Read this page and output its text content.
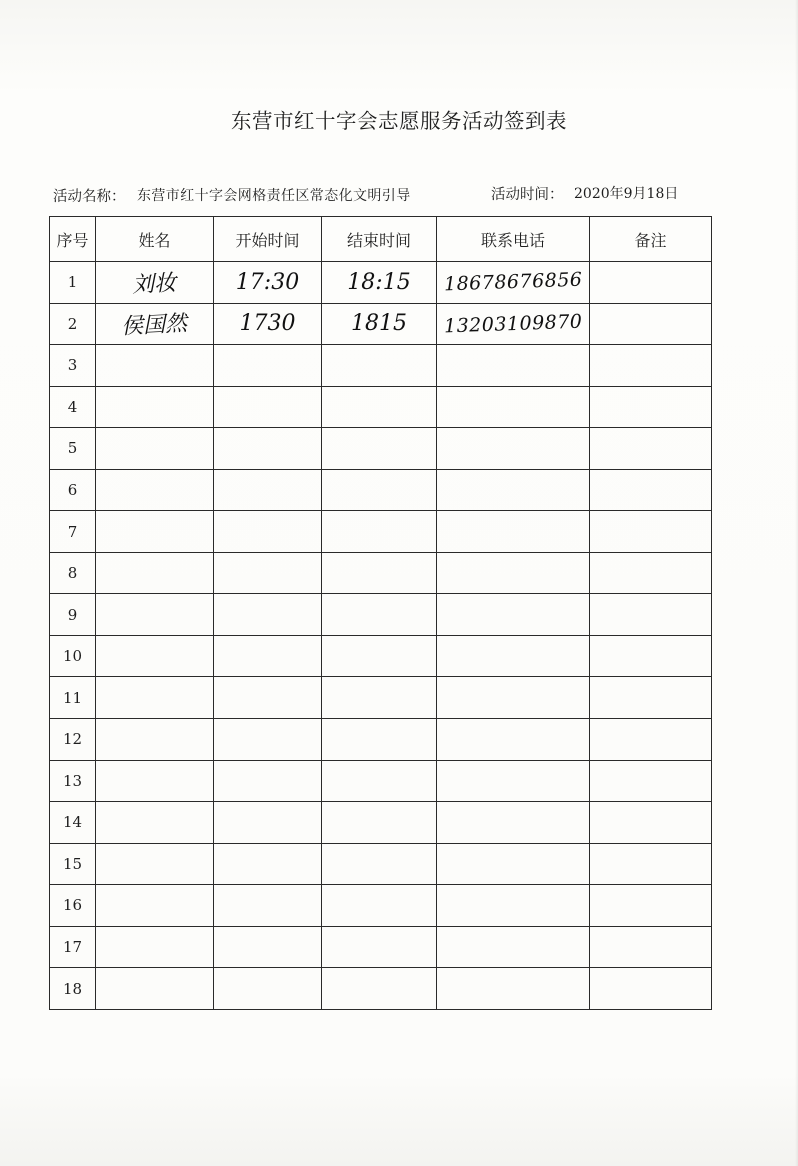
东营市红十字会志愿服务活动签到表
活动名称： 东营市红十字会网格责任区常态化文明引导	活动时间： 2020年9月18日
序号	姓名	开始时间	结束时间	联系电话	备注
1	刘妆	17:30	18:15	18678676856	
2	侯国然	1730	1815	13203109870	
3					
4					
5					
6					
7					
8					
9					
10					
11					
12					
13					
14					
15					
16					
17					
18					
